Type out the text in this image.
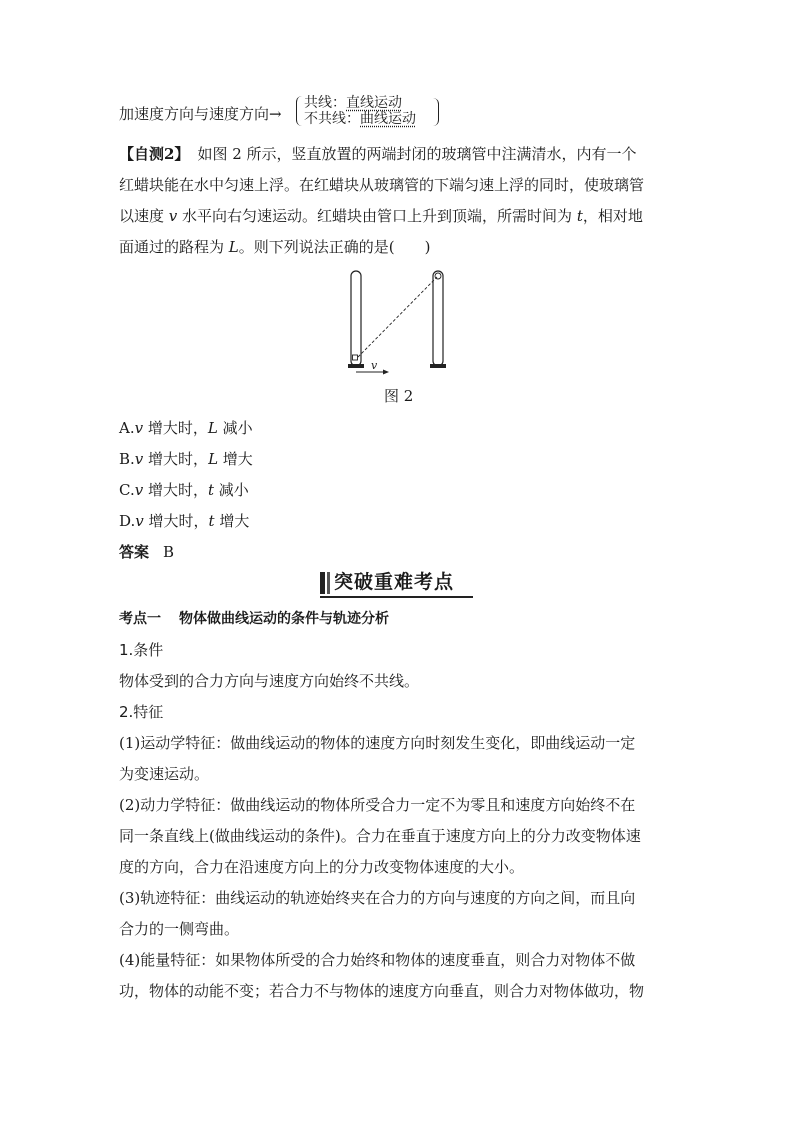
加速度方向与速度方向→
共线：直线运动
不共线：曲线运动
【自测2】 如图 2 所示，竖直放置的两端封闭的玻璃管中注满清水，内有一个
红蜡块能在水中匀速上浮。在红蜡块从玻璃管的下端匀速上浮的同时，使玻璃管
以速度 v 水平向右匀速运动。红蜡块由管口上升到顶端，所需时间为 t，相对地
面通过的路程为 L。则下列说法正确的是(　　)
v
图 2
A.v 增大时，L 减小
B.v 增大时，L 增大
C.v 增大时，t 减小
D.v 增大时，t 增大
答案 B
突破重难考点
考点一 物体做曲线运动的条件与轨迹分析
1.条件
物体受到的合力方向与速度方向始终不共线。
2.特征
(1)运动学特征：做曲线运动的物体的速度方向时刻发生变化，即曲线运动一定
为变速运动。
(2)动力学特征：做曲线运动的物体所受合力一定不为零且和速度方向始终不在
同一条直线上(做曲线运动的条件)。合力在垂直于速度方向上的分力改变物体速
度的方向，合力在沿速度方向上的分力改变物体速度的大小。
(3)轨迹特征：曲线运动的轨迹始终夹在合力的方向与速度的方向之间，而且向
合力的一侧弯曲。
(4)能量特征：如果物体所受的合力始终和物体的速度垂直，则合力对物体不做
功，物体的动能不变；若合力不与物体的速度方向垂直，则合力对物体做功，物
